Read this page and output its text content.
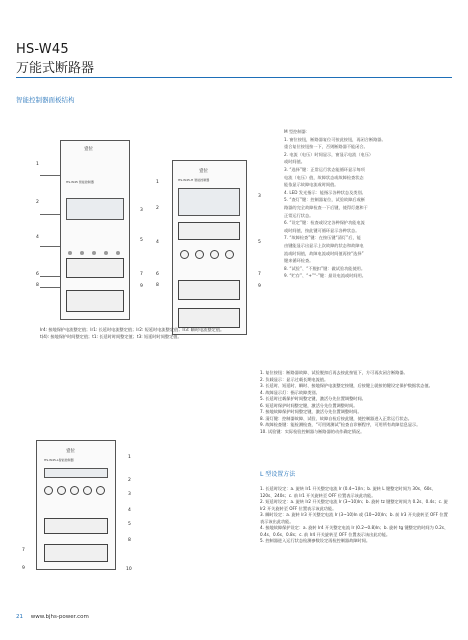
HS-W45
万能式断路器
智能控制器面板结构
壹位
HS-W45 智能控制器

1
2
4
6
8
3
5
7
9
壹位
HS-W45-H 智能控制器
1
2
4
6
8
3
5
7
9
M 型控制器：
1. 窗位按钮，断路器复位可按此按钮，再闭合断路器。
重合复位按钮按一下，否则断路器不能闭合。
2. 电流（电压）时间显示，窗显示电流（电压）
或时间值。
3. “选择”键：正常运行状态能循环显示每项
电流（电压）值，故障状态或故障检查状态
能依显示故障电流或时间值。
4. LED 发光指示：能指示各种状态及类别。
5. “查灯”键：控制器复位，试验故障后或断
路器的完全故障检查一下后键，使得灯熄和于
正常运行状态。
6. “设定”键：检查或设定各种保护功能电流
或时间值，按此键可循环显示各种状态。
7. “故障检查”键：在按压键“清灯”后，能
由键能显示出显示上次故障的状态和故障电
流或时间值，故障电流或时间值再按“选择”
键来循环检查。
8. “试验”、“不脱扣”键：做试验功能使用。
9. “贮存”、“+”“-”键：最设电流或时间用。
Ir4: 接地保护电流整定值；Ir1: 长延时电流整定值；Ir2: 短延时电流整定值；Ir3: 瞬时电流整定值。
t(4): 接地保护时间整定值；t1: 长延时时间整定值；t3: 短延时时间整定值。
壹位
HS-W45-L智能控制器	1
2
3
4
5
7
8
9	10
1. 复位按钮：断路器故障、试验脱扣后再去按此按钮下，方可再次闭合断路器。
2. 负载显示：显示过载长期电流值。
3. 长延时、短延时、瞬时、接地保护电流整定按键，后按键上就按的键设定保护数据状态值。
4. 故障显示灯：指示故障类别。
5. 长延时过载保护时间整定键，激活分先位置调整时间。
6. 短延时保护时间整定键，激活分先位置调整时间。
7. 接地故障保护时间整定键，激活分先位置调整时间。
8. 清灯键：控制器故障、试验、故障自检后按此键，使控制器进入正常运行状态。
9. 故障检查键：能检测检查，“可用则测试”检查自诊断程序，可用所有故障信息显示。
10. 试验键：实际检验控制器与断路器的动作确定情况。
L 型设置方法
1. 长延时设定：a. 旋转 Ir1 开关整定电流 Ir (0.4~1)In；b. 旋转 L 键整定时间为 30s、60s、
120s、240s；c. 前 Ir1 开关旋转至 OFF 位置表示该此功能。
2. 短延时设定：a. 旋转 Ir2 开关整定电流 Ir (3~10)In；b. 旋转 tz 键整定时间为 0.2s、0.4s；c. 旋
Ir2 开关旋转至 OFF 位置表示该此功能。
3. 瞬时设定：a. 旋转 Ir3 开关整定电流 Ir (3~10)In 或 (10~20)In；b. 前 Ir3 开关旋转至 OFF 位置
表示该出此功能。
4. 接地故障保护设定：a. 旋转 Ir4 开关整定电流 Ir (0.2~0.8)In；b. 旋转 tg 键整定的时间为 0.2s、
0.4s、0.6s、0.8s；c. 前 Ir4 开关旋转至 OFF 位置表示该出此功能。
5. 控制器进入运行状态检测参数设定再检控制器故障时间。
21 www.bjhs-power.com
